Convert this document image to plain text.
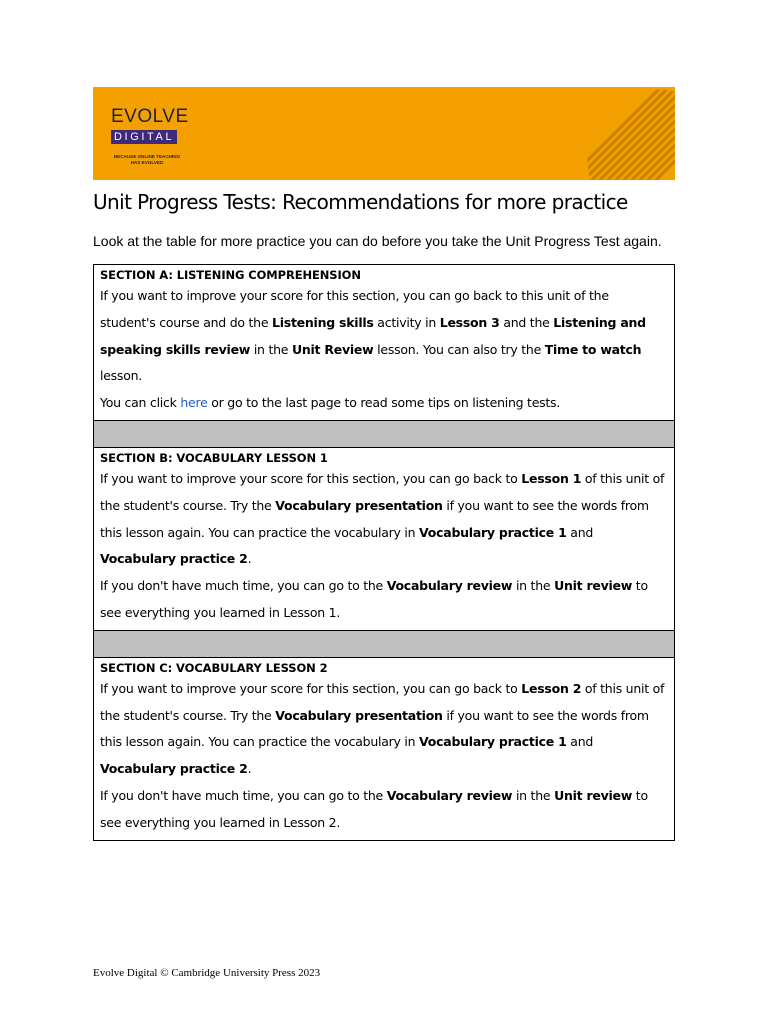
EVOLVE
DIGITAL
BECAUSE ONLINE TEACHING
HAS EVOLVED
Unit Progress Tests: Recommendations for more practice

Look at the table for more practice you can do before you take the Unit Progress Test again.

SECTION A: LISTENING COMPREHENSION
If you want to improve your score for this section, you can go back to this unit of the student's course and do the Listening skills activity in Lesson 3 and the Listening and speaking skills review in the Unit Review lesson. You can also try the Time to watch lesson.
You can click here or go to the last page to read some tips on listening tests.
SECTION B: VOCABULARY LESSON 1
If you want to improve your score for this section, you can go back to Lesson 1 of this unit of the student's course. Try the Vocabulary presentation if you want to see the words from this lesson again. You can practice the vocabulary in Vocabulary practice 1 and Vocabulary practice 2.
If you don't have much time, you can go to the Vocabulary review in the Unit review to see everything you learned in Lesson 1.
SECTION C: VOCABULARY LESSON 2
If you want to improve your score for this section, you can go back to Lesson 2 of this unit of the student's course. Try the Vocabulary presentation if you want to see the words from this lesson again. You can practice the vocabulary in Vocabulary practice 1 and Vocabulary practice 2.
If you don't have much time, you can go to the Vocabulary review in the Unit review to see everything you learned in Lesson 2.
Evolve Digital © Cambridge University Press 2023
